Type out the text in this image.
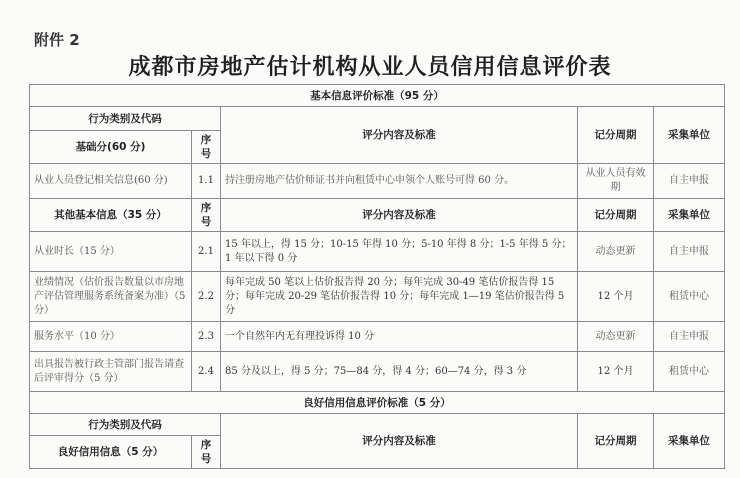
附件 2
成都市房地产估计机构从业人员信用信息评价表
基本信息评价标准（95 分）				
行为类别及代码		评分内容及标准	记分周期	采集单位
基础分(60 分)	序号			
从业人员登记相关信息(60 分)	1.1	持注册房地产估价师证书并向租赁中心申领个人账号可得 60 分。	从业人员有效期	自主申报
其他基本信息（35 分）	序号	评分内容及标准	记分周期	采集单位
从业时长（15 分）	2.1	15 年以上，得 15 分；10-15 年得 10 分；5-10 年得 8 分；1-5 年得 5 分；1 年以下得 0 分	动态更新	自主申报
业绩情况（估价报告数量以市房地产评估管理服务系统备案为准）（5 分）	2.2	每年完成 50 笔以上估价报告得 20 分；每年完成 30-49 笔估价报告得 15 分；每年完成 20-29 笔估价报告得 10 分；每年完成 1—19 笔估价报告得 5 分	12 个月	租赁中心
服务水平（10 分）	2.3	一个自然年内无有理投诉得 10 分	动态更新	自主申报
出具报告被行政主管部门报告请查后评审得分（5 分）	2.4	85 分及以上，得 5 分；75—84 分，得 4 分；60—74 分，得 3 分	12 个月	租赁中心
良好信用信息评价标准（5 分）				
行为类别及代码		评分内容及标准	记分周期	采集单位
良好信用信息（5 分）	序号			
